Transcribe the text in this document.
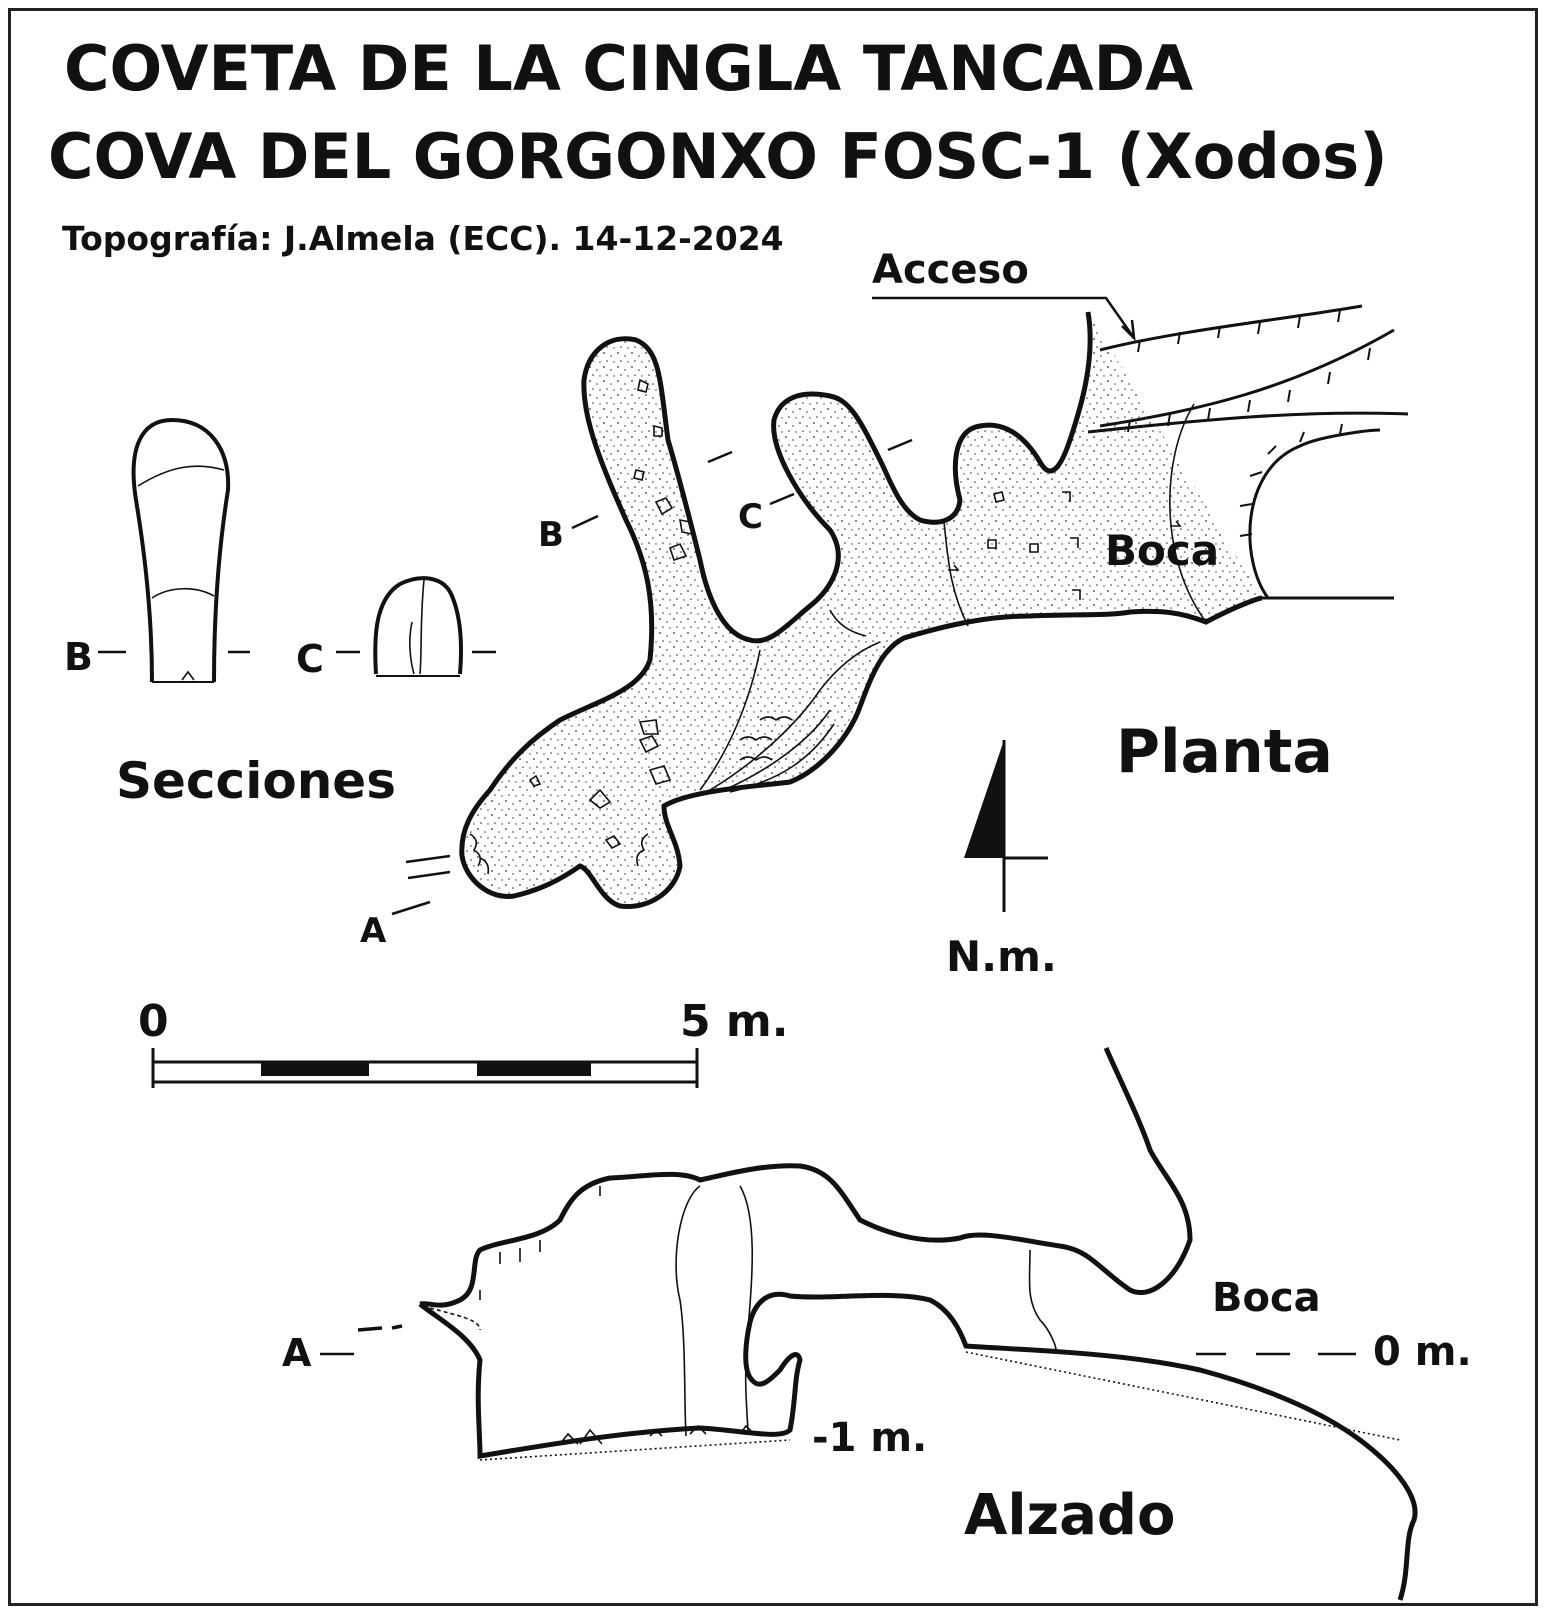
COVETA DE LA CINGLA TANCADA
COVA DEL GORGONXO FOSC-1 (Xodos)
Topografía: J.Almela (ECC). 14-12-2024
Acceso
Boca
Planta
B	C
A
B	C
Secciones
N.m.
0	5 m.
Boca
0 m.
-1 m.
A
Alzado
